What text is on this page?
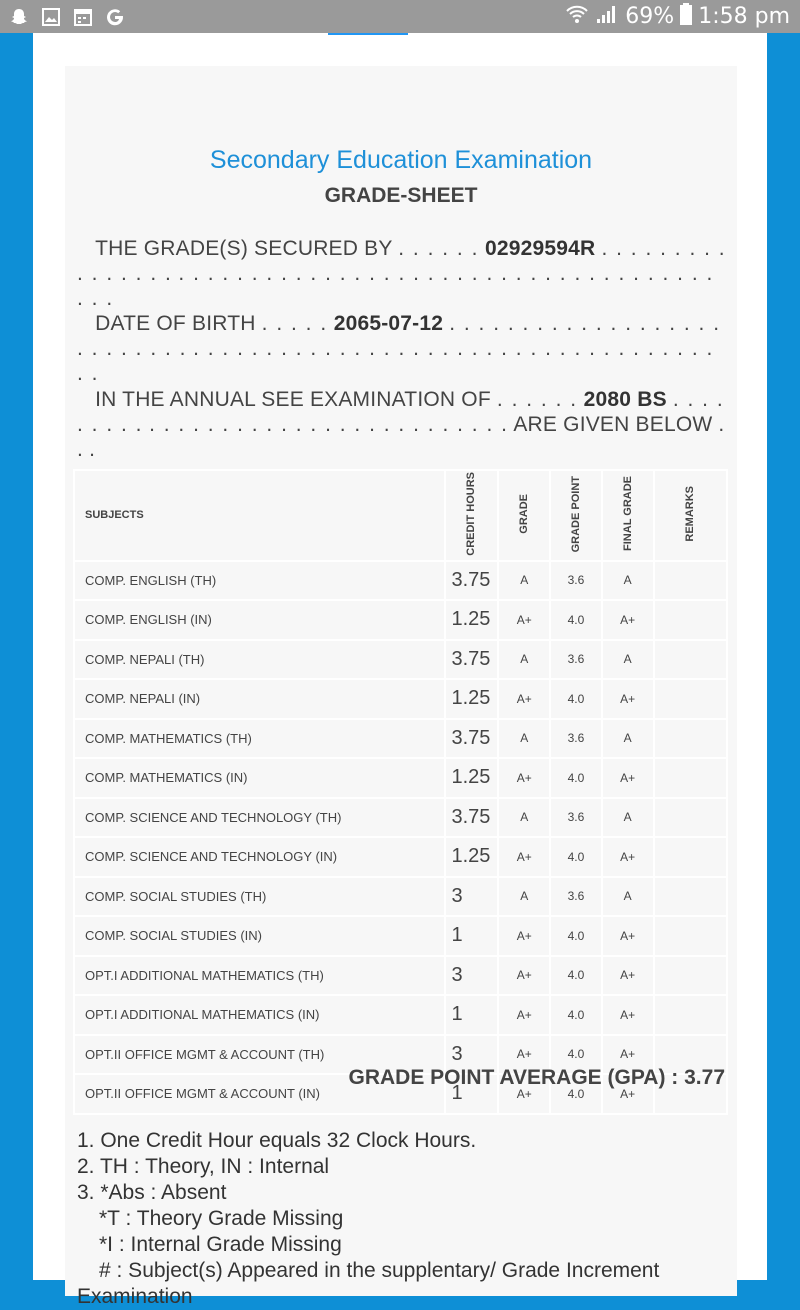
69% 1:58 pm
Secondary Education Examination
GRADE-SHEET
THE GRADE(S) SECURED BY . . . . . . 02929594R . . . . . . . . . . . . . . . . . . . . . . . . . . . . . . . . . . . . . . . . . . . . . . . . . . . . . . . .
DATE OF BIRTH . . . . . 2065-07-12 . . . . . . . . . . . . . . . . . . . . . . . . . . . . . . . . . . . . . . . . . . . . . . . . . . . . . . . . . . . . . . . . .
IN THE ANNUAL SEE EXAMINATION OF . . . . . . 2080 BS . . . . . . . . . . . . . . . . . . . . . . . . . . . . . . . . . . ARE GIVEN BELOW . . .
SUBJECTS	CREDIT HOURS	GRADE	GRADE POINT	FINAL GRADE	REMARKS
COMP. ENGLISH (TH)	3.75	A	3.6	A	
COMP. ENGLISH (IN)	1.25	A+	4.0	A+	
COMP. NEPALI (TH)	3.75	A	3.6	A	
COMP. NEPALI (IN)	1.25	A+	4.0	A+	
COMP. MATHEMATICS (TH)	3.75	A	3.6	A	
COMP. MATHEMATICS (IN)	1.25	A+	4.0	A+	
COMP. SCIENCE AND TECHNOLOGY (TH)	3.75	A	3.6	A	
COMP. SCIENCE AND TECHNOLOGY (IN)	1.25	A+	4.0	A+	
COMP. SOCIAL STUDIES (TH)	3	A	3.6	A	
COMP. SOCIAL STUDIES (IN)	1	A+	4.0	A+	
OPT.I ADDITIONAL MATHEMATICS (TH)	3	A+	4.0	A+	
OPT.I ADDITIONAL MATHEMATICS (IN)	1	A+	4.0	A+	
OPT.II OFFICE MGMT & ACCOUNT (TH)	3	A+	4.0	A+	
OPT.II OFFICE MGMT & ACCOUNT (IN)	1	A+	4.0	A+	
GRADE POINT AVERAGE (GPA) : 3.77
1. One Credit Hour equals 32 Clock Hours.
2. TH : Theory, IN : Internal
3. *Abs : Absent
*T : Theory Grade Missing
*I : Internal Grade Missing
# : Subject(s) Appeared in the supplentary/ Grade Increment
Examination
